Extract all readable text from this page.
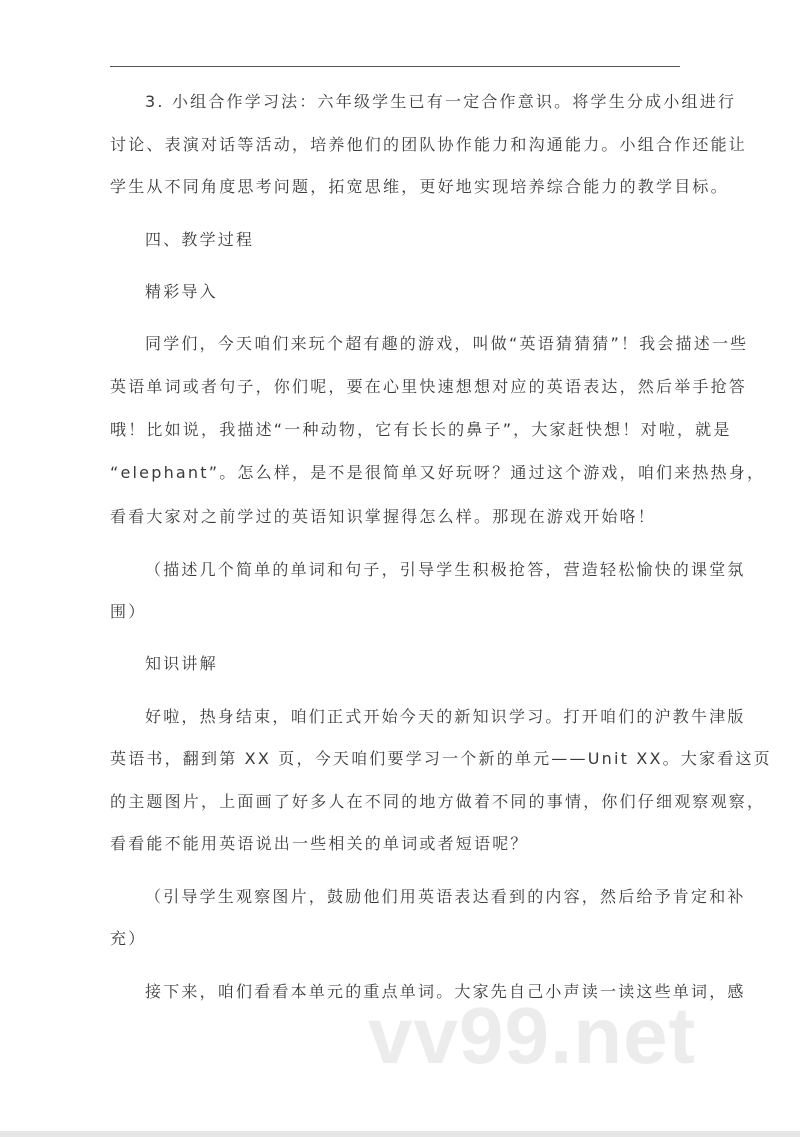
3. 小组合作学习法：六年级学生已有一定合作意识。将学生分成小组进行
讨论、表演对话等活动，培养他们的团队协作能力和沟通能力。小组合作还能让
学生从不同角度思考问题，拓宽思维，更好地实现培养综合能力的教学目标。
四、教学过程
精彩导入
同学们，今天咱们来玩个超有趣的游戏，叫做“英语猜猜猜”！我会描述一些
英语单词或者句子，你们呢，要在心里快速想想对应的英语表达，然后举手抢答
哦！比如说，我描述“一种动物，它有长长的鼻子”，大家赶快想！对啦，就是
“elephant”。怎么样，是不是很简单又好玩呀？通过这个游戏，咱们来热热身，
看看大家对之前学过的英语知识掌握得怎么样。那现在游戏开始咯！
（描述几个简单的单词和句子，引导学生积极抢答，营造轻松愉快的课堂氛
围）
知识讲解
好啦，热身结束，咱们正式开始今天的新知识学习。打开咱们的沪教牛津版
英语书，翻到第 XX 页，今天咱们要学习一个新的单元——Unit XX。大家看这页
的主题图片，上面画了好多人在不同的地方做着不同的事情，你们仔细观察观察，
看看能不能用英语说出一些相关的单词或者短语呢？
（引导学生观察图片，鼓励他们用英语表达看到的内容，然后给予肯定和补
充）
接下来，咱们看看本单元的重点单词。大家先自己小声读一读这些单词，感
vv99.net
